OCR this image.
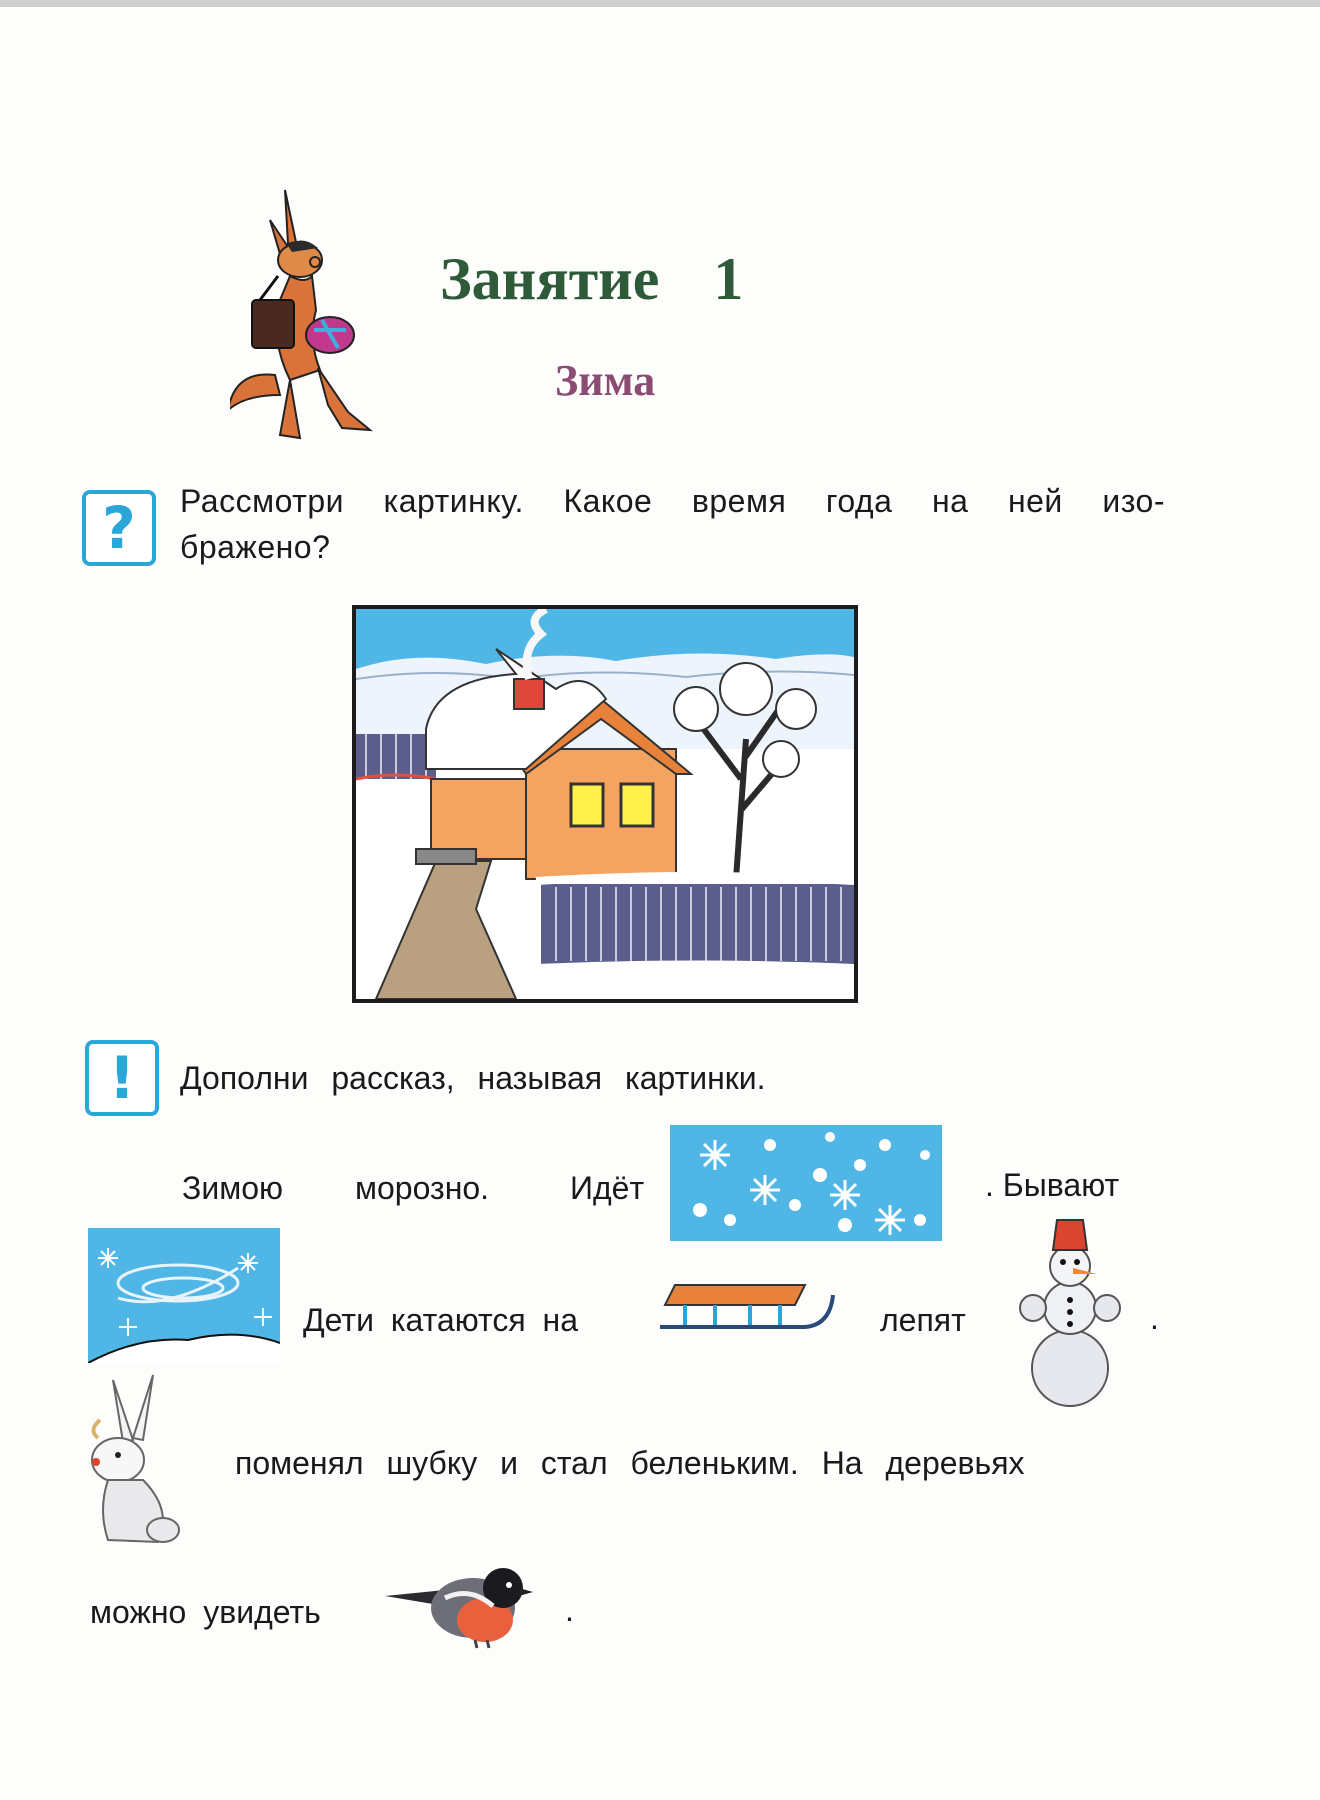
Занятие 1
Зима
? Рассмотри картинку. Какое время года на ней изо-
бражено?
! Дополни рассказ, называя картинки.
Зимою морозно.	Идёт	. Бывают
Дети катаются на	лепят	.
поменял шубку и стал беленьким. На деревьях
можно увидеть	.
